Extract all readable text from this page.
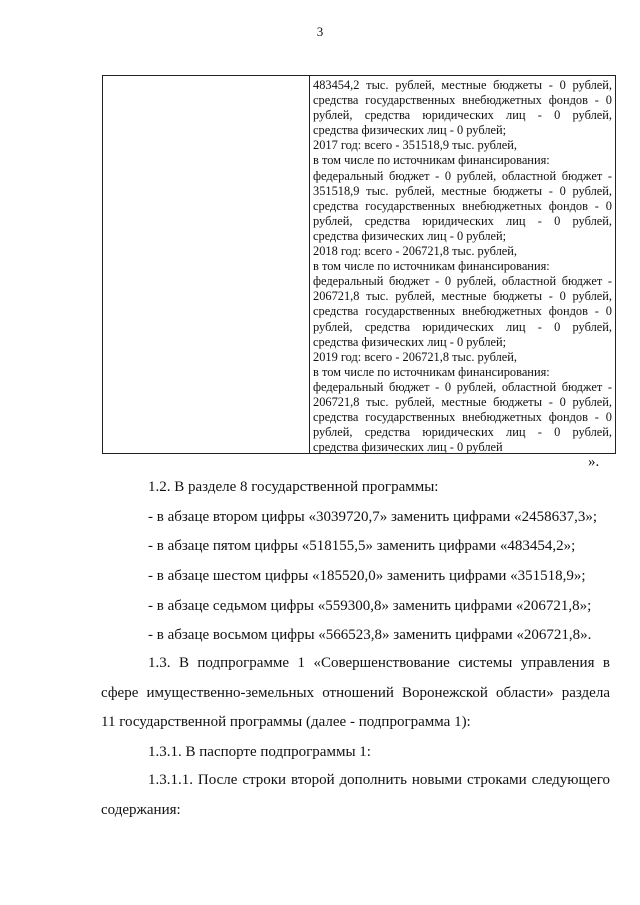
3
483454,2 тыс. рублей, местные бюджеты - 0 рублей,
средства государственных внебюджетных фондов - 0
рублей, средства юридических лиц - 0 рублей,
средства физических лиц - 0 рублей;
2017 год: всего - 351518,9 тыс. рублей,
в том числе по источникам финансирования:
федеральный бюджет - 0 рублей, областной бюджет -
351518,9 тыс. рублей, местные бюджеты - 0 рублей,
средства государственных внебюджетных фондов - 0
рублей, средства юридических лиц - 0 рублей,
средства физических лиц - 0 рублей;
2018 год: всего - 206721,8 тыс. рублей,
в том числе по источникам финансирования:
федеральный бюджет - 0 рублей, областной бюджет -
206721,8 тыс. рублей, местные бюджеты - 0 рублей,
средства государственных внебюджетных фондов - 0
рублей, средства юридических лиц - 0 рублей,
средства физических лиц - 0 рублей;
2019 год: всего - 206721,8 тыс. рублей,
в том числе по источникам финансирования:
федеральный бюджет - 0 рублей, областной бюджет -
206721,8 тыс. рублей, местные бюджеты - 0 рублей,
средства государственных внебюджетных фондов - 0
рублей, средства юридических лиц - 0 рублей,
средства физических лиц - 0 рублей
».
1.2. В разделе 8 государственной программы:
- в абзаце втором цифры «3039720,7» заменить цифрами «2458637,3»;
- в абзаце пятом цифры «518155,5» заменить цифрами «483454,2»;
- в абзаце шестом цифры «185520,0» заменить цифрами «351518,9»;
- в абзаце седьмом цифры «559300,8» заменить цифрами «206721,8»;
- в абзаце восьмом цифры «566523,8» заменить цифрами «206721,8».
1.3. В подпрограмме 1 «Совершенствование системы управления в
сфере имущественно-земельных отношений Воронежской области» раздела
11 государственной программы (далее - подпрограмма 1):
1.3.1. В паспорте подпрограммы 1:
1.3.1.1. После строки второй дополнить новыми строками следующего
содержания:
